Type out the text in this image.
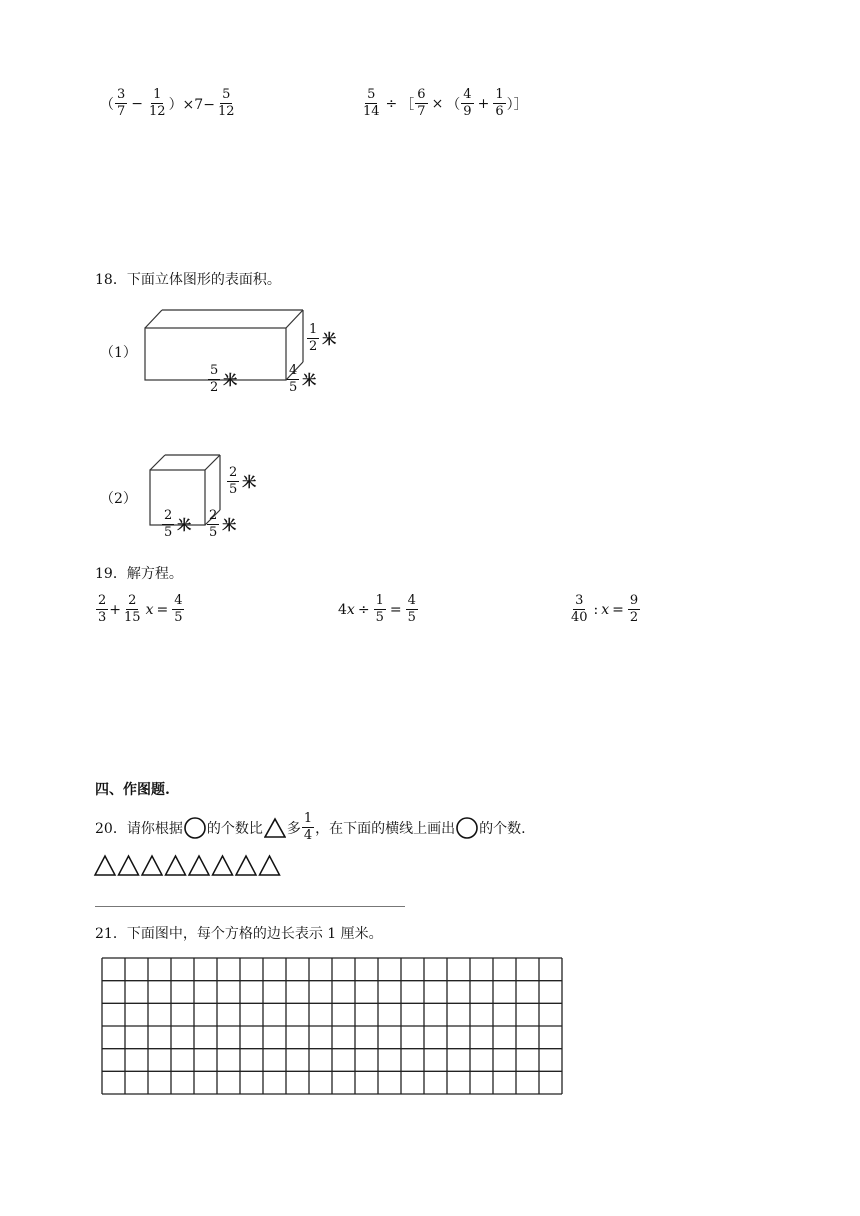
（ $\frac{3}{7} - \frac{1}{12} )\times 7- \frac{5}{12}$	$\frac{5}{14}$ ÷ ［ $\frac{6}{7}$ × （ $\frac{4}{9} + \frac{1}{6}$ ）］
18．下面立体图形的表面积。
（1）	$\frac{1}{2}$ 米
$\frac{5}{2}$ 米	$\frac{4}{5}$ 米
（2）
$\frac{2}{5}$ 米
$\frac{2}{5}$ 米 $\frac{2}{5}$ 米
19．解方程。
$\frac{2}{3} + \frac{2}{15}$ $x = \frac{4}{5}$	4 $x \div \frac{1}{5} = \frac{4}{5}$	$\frac{3}{40}$ : $x = \frac{9}{2}$
四、作图题.
20．请你根据 的个数比 多 $\frac{1}{4}$ ，在下面的横线上画出 的个数.
21．下面图中，每个方格的边长表示 1 厘米。
